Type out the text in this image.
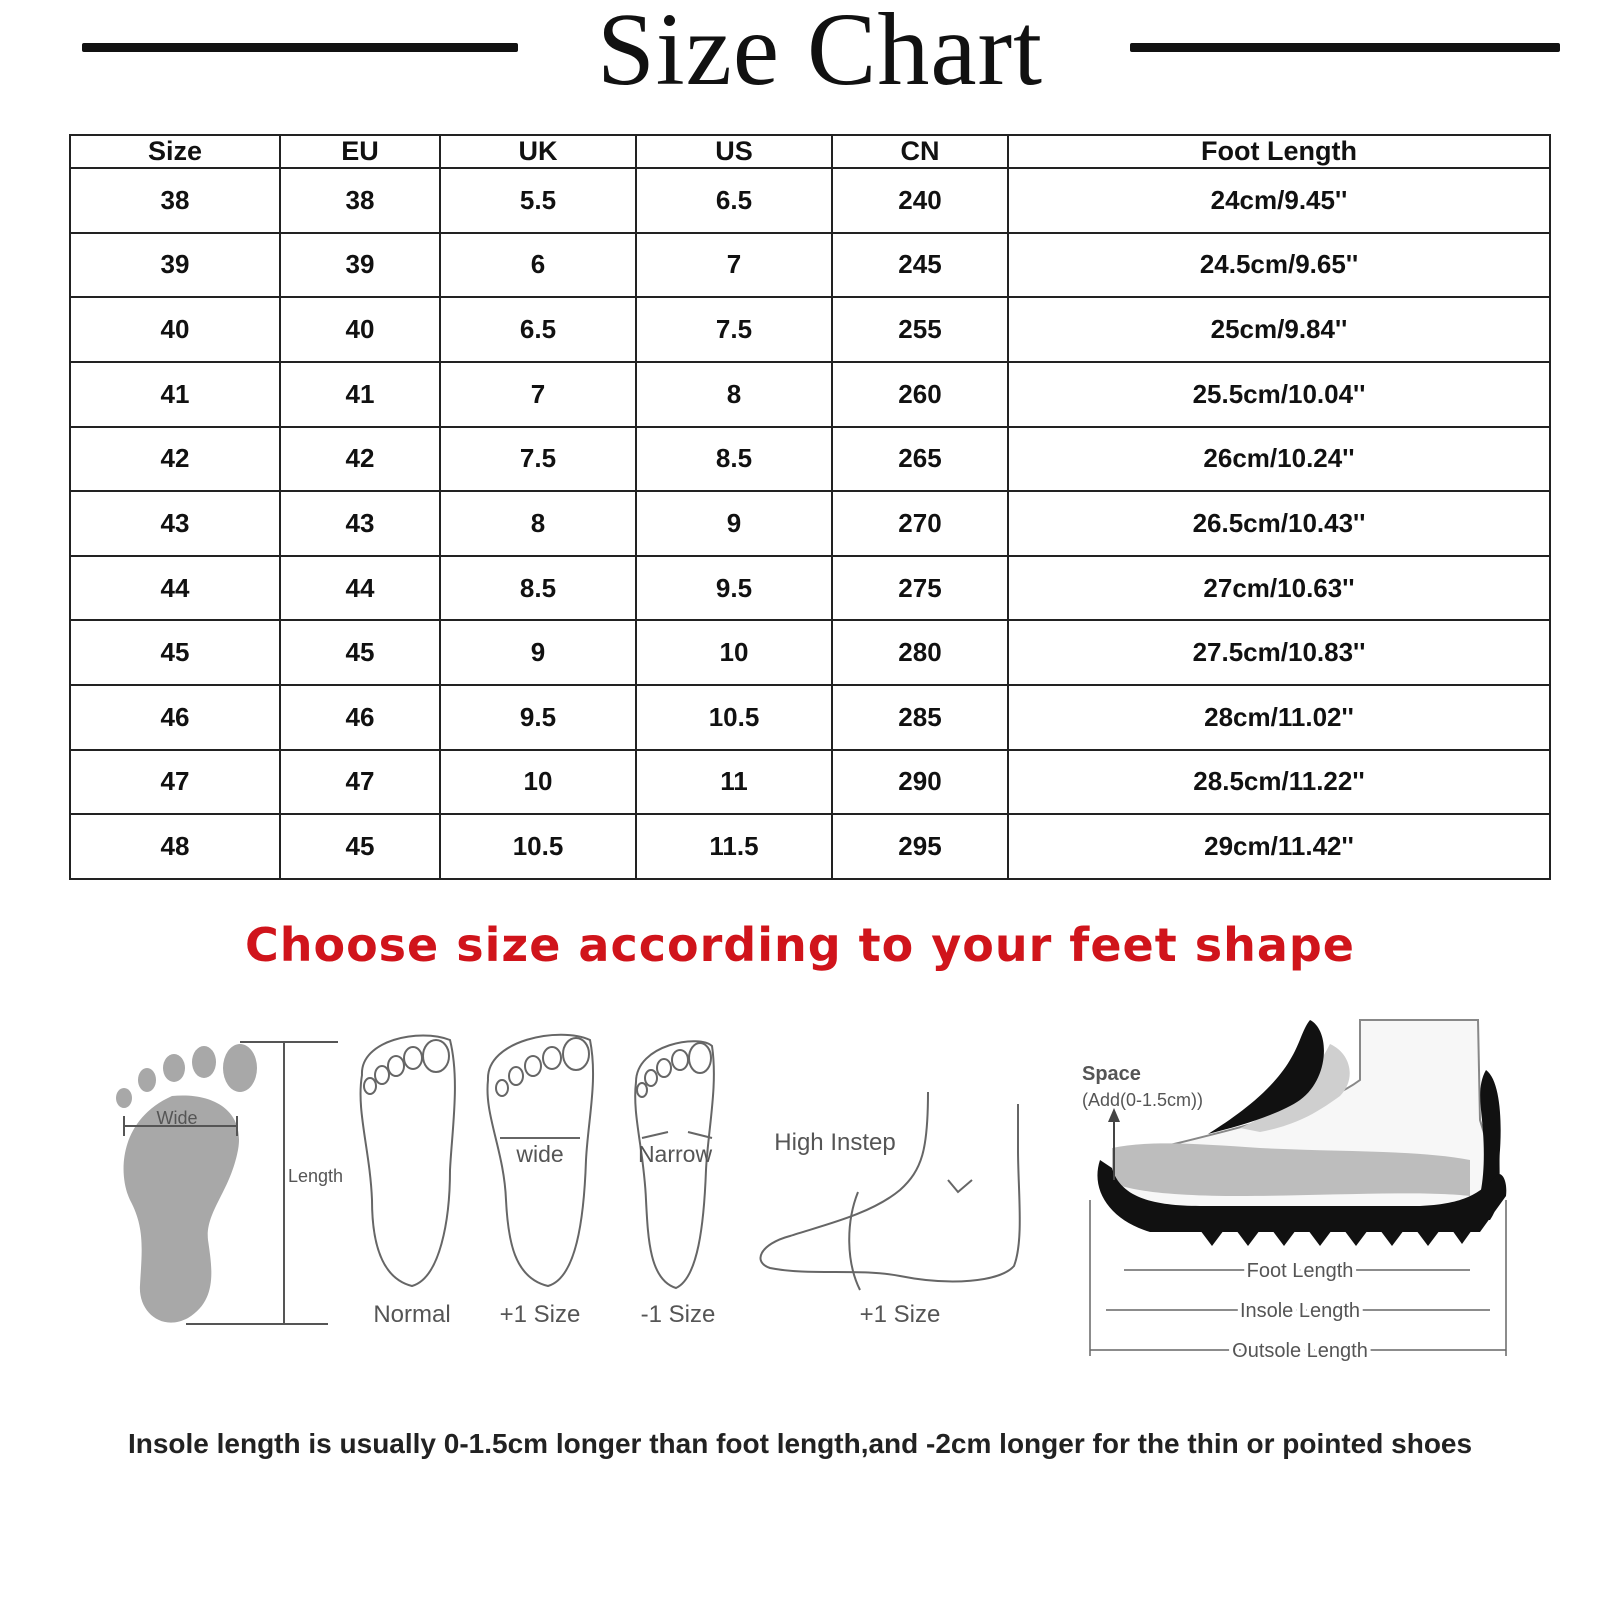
Size Chart
Size	EU	UK	US	CN	Foot Length
38	38	5.5	6.5	240	24cm/9.45''
39	39	6	7	245	24.5cm/9.65''
40	40	6.5	7.5	255	25cm/9.84''
41	41	7	8	260	25.5cm/10.04''
42	42	7.5	8.5	265	26cm/10.24''
43	43	8	9	270	26.5cm/10.43''
44	44	8.5	9.5	275	27cm/10.63''
45	45	9	10	280	27.5cm/10.83''
46	46	9.5	10.5	285	28cm/11.02''
47	47	10	11	290	28.5cm/11.22''
48	45	10.5	11.5	295	29cm/11.42''
Choose size according to your feet shape
Wide
Length
Normal
wide
+1 Size
Narrow
-1 Size
High Instep
+1 Size
Space
(Add(0-1.5cm))
Foot Length
Insole Length
Outsole Length
Insole length is usually 0-1.5cm longer than foot length,and -2cm longer for the thin or pointed shoes
